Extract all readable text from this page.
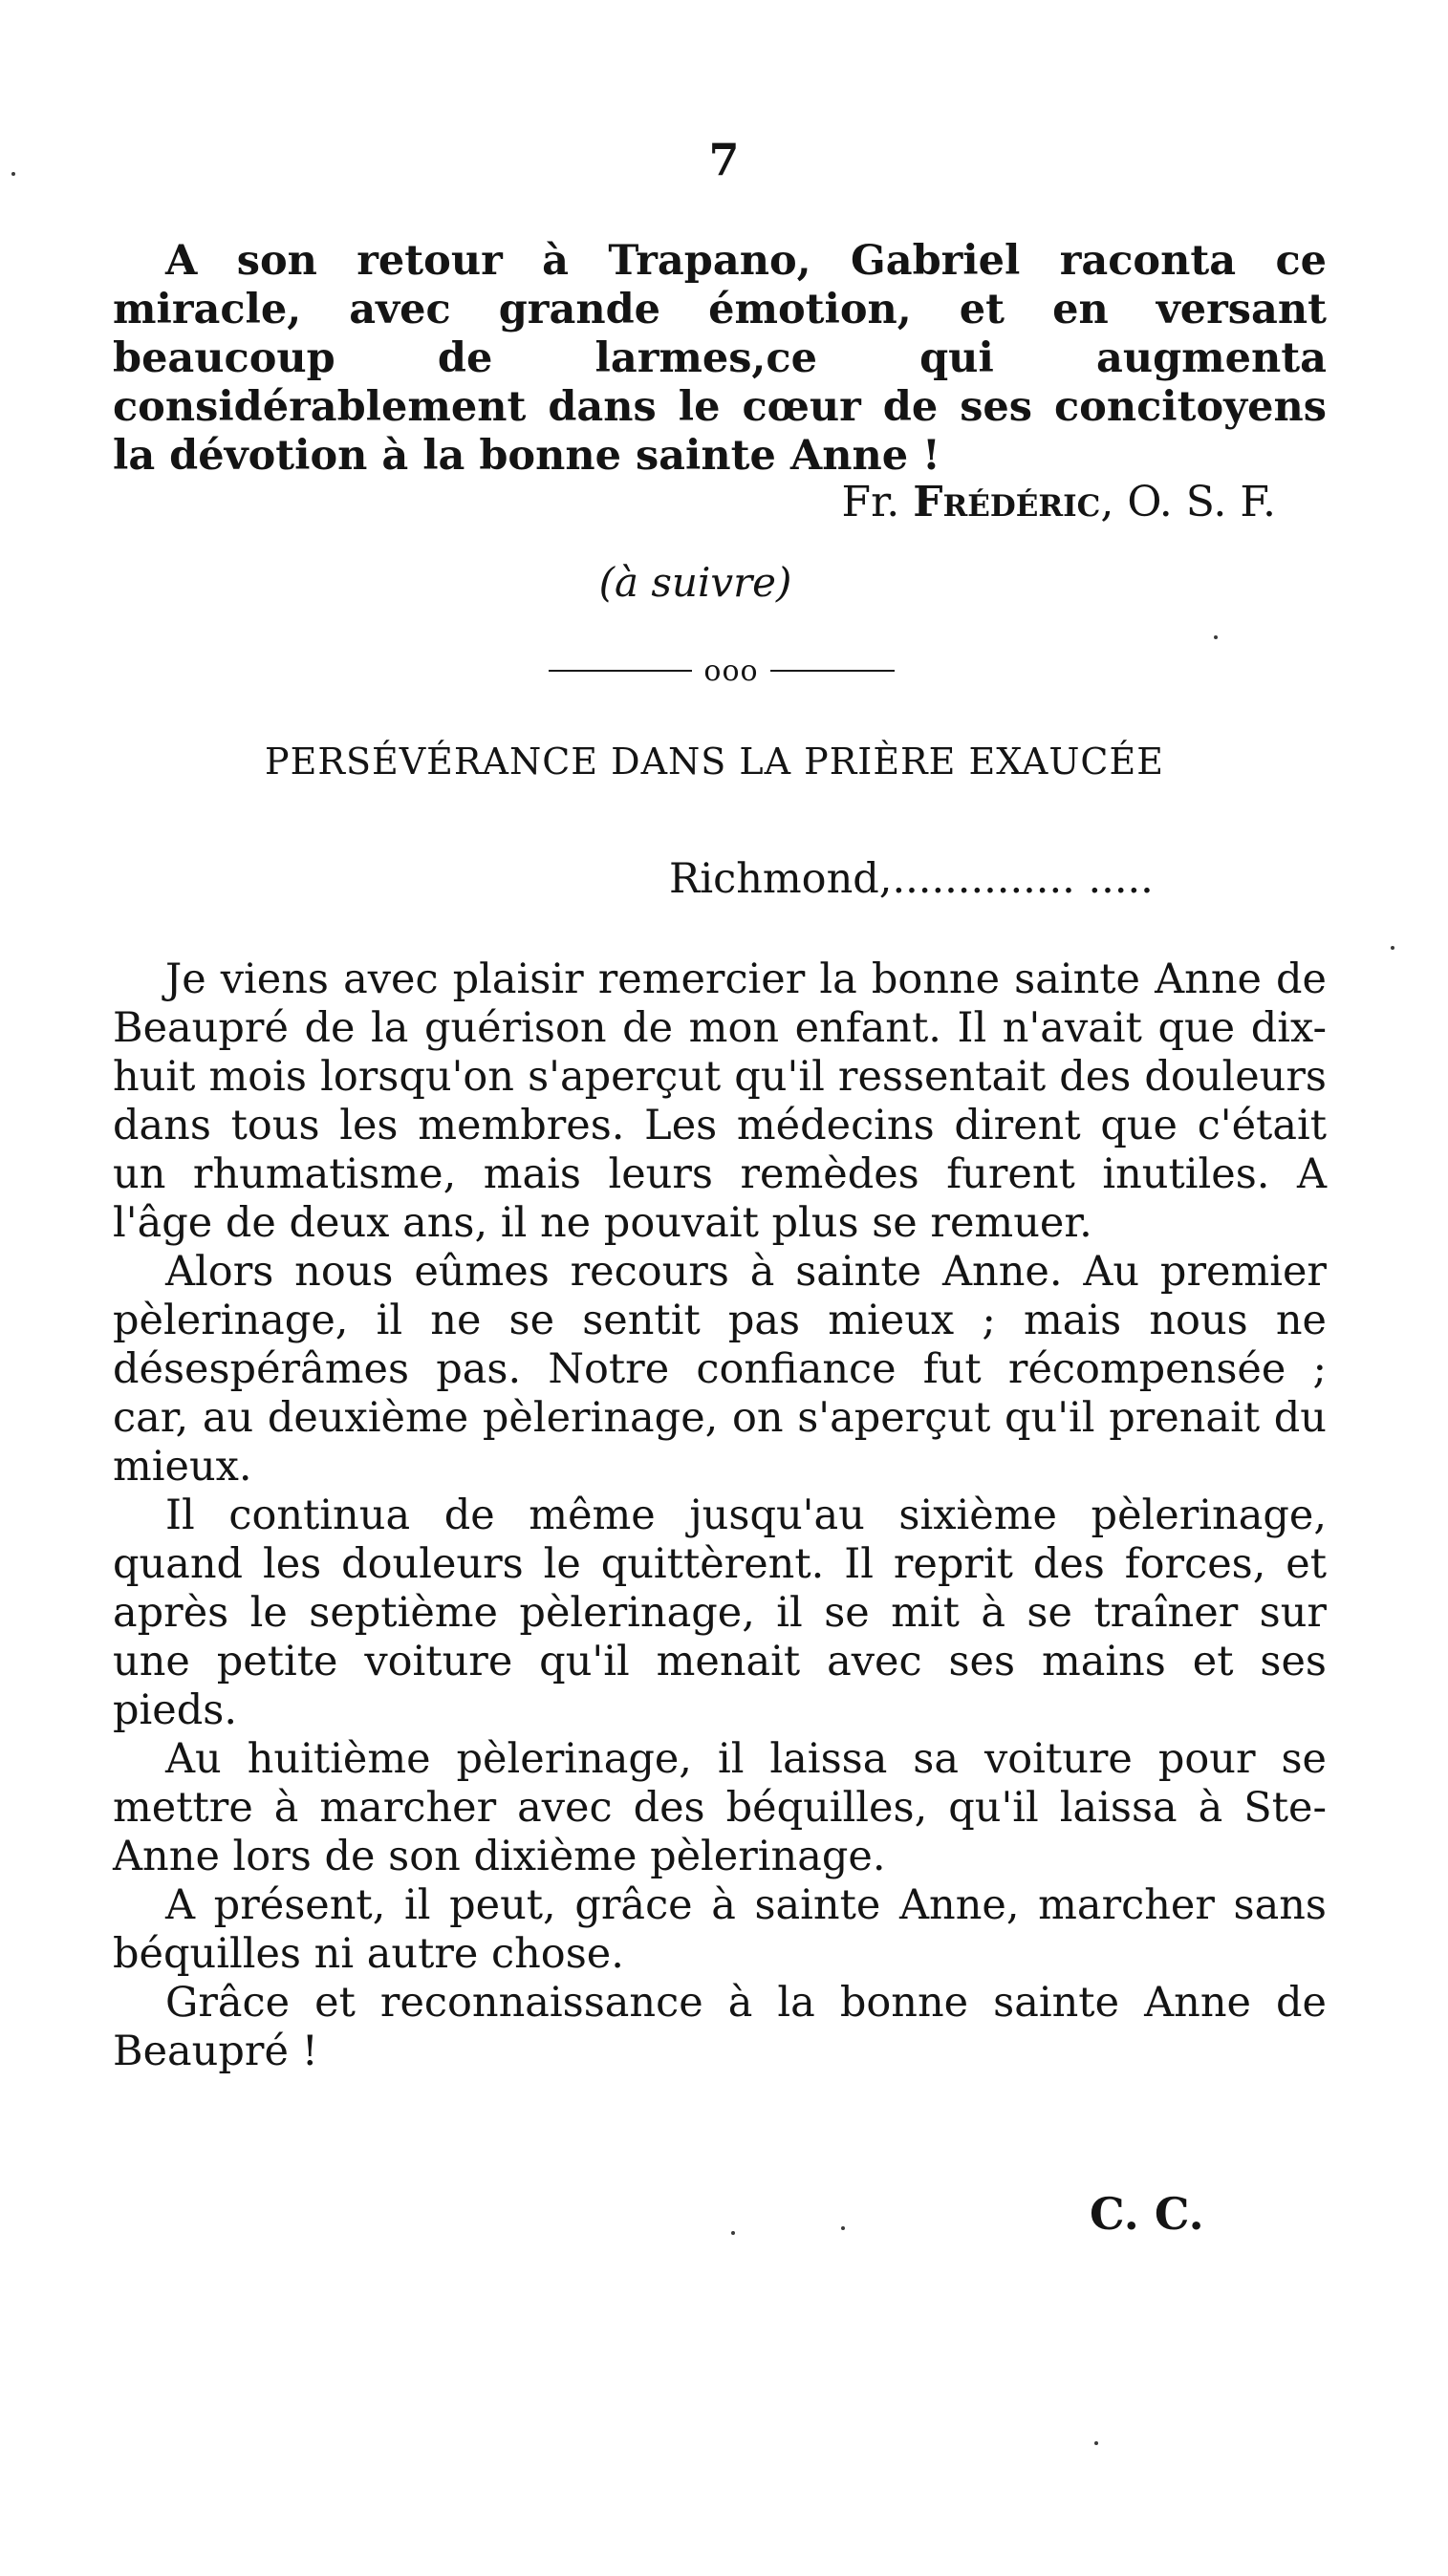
7

A son retour à Trapano, Gabriel raconta ce miracle, avec grande émotion, et en versant beaucoup de larmes,ce qui augmenta considérablement dans le cœur de ses concitoyens la dévotion à la bonne sainte Anne !

Fr. Frédéric, O. S. F.
(à suivre)
ooo
PERSÉVÉRANCE DANS LA PRIÈRE EXAUCÉE
Richmond,.............. .....

Je viens avec plaisir remercier la bonne sainte Anne de Beaupré de la guérison de mon enfant. Il n'avait que dix-huit mois lorsqu'on s'aperçut qu'il ressentait des douleurs dans tous les membres. Les médecins dirent que c'était un rhumatisme, mais leurs remèdes furent inutiles. A l'âge de deux ans, il ne pouvait plus se remuer.

Alors nous eûmes recours à sainte Anne. Au premier pèlerinage, il ne se sentit pas mieux ; mais nous ne désespérâmes pas. Notre confiance fut récompensée ; car, au deuxième pèlerinage, on s'aperçut qu'il prenait du mieux.

Il continua de même jusqu'au sixième pèlerinage, quand les douleurs le quittèrent. Il reprit des forces, et après le septième pèlerinage, il se mit à se traîner sur une petite voiture qu'il menait avec ses mains et ses pieds.

Au huitième pèlerinage, il laissa sa voiture pour se mettre à marcher avec des béquilles, qu'il laissa à Ste-Anne lors de son dixième pèlerinage.

A présent, il peut, grâce à sainte Anne, marcher sans béquilles ni autre chose.

Grâce et reconnaissance à la bonne sainte Anne de Beaupré !

C. C.
